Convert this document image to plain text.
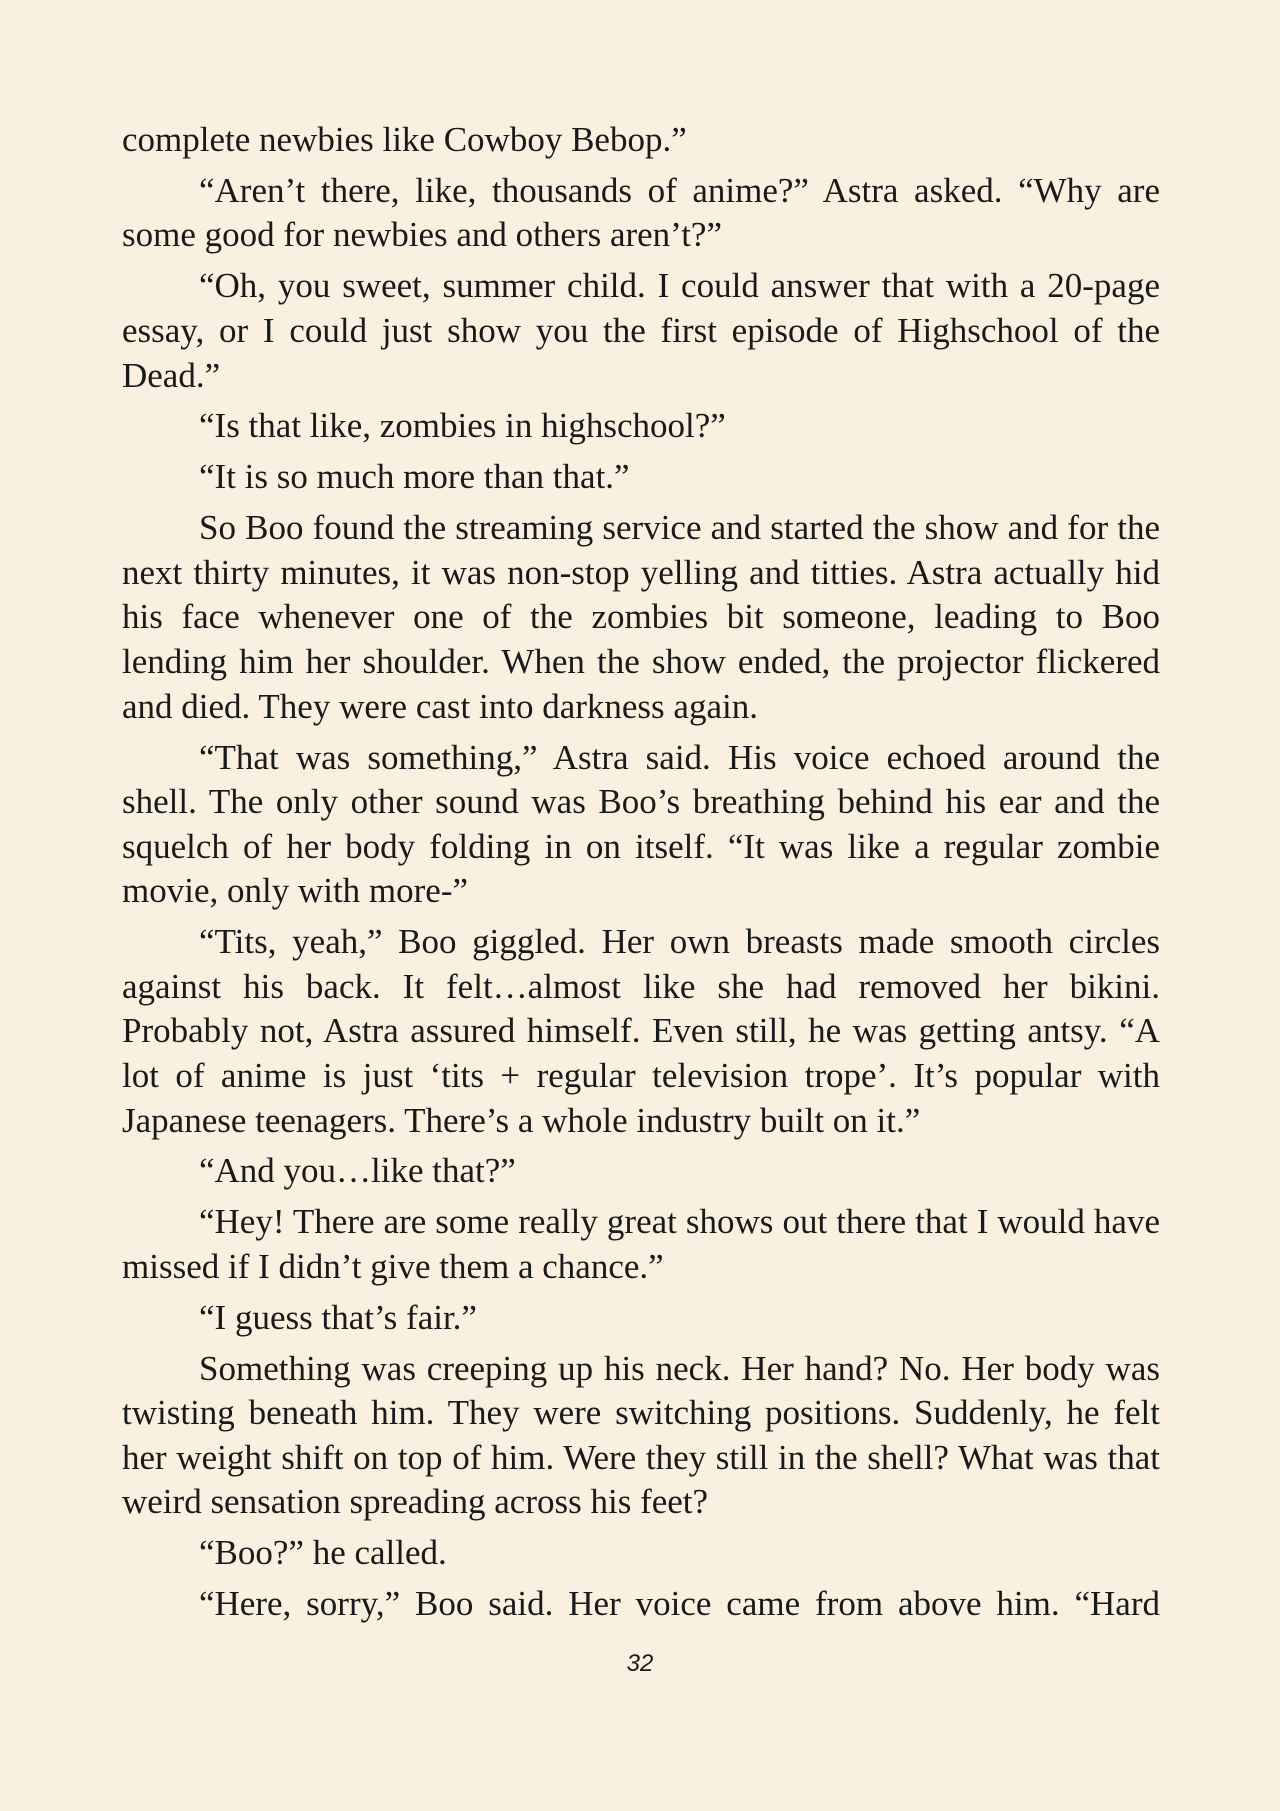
complete newbies like Cowboy Bebop.”

“Aren’t there, like, thousands of anime?” Astra asked. “Why are some good for newbies and others aren’t?”

“Oh, you sweet, summer child. I could answer that with a 20-page essay, or I could just show you the first episode of Highschool of the Dead.”

“Is that like, zombies in highschool?”

“It is so much more than that.”

So Boo found the streaming service and started the show and for the next thirty minutes, it was non-stop yelling and titties. Astra actually hid his face whenever one of the zombies bit someone, leading to Boo lending him her shoulder. When the show ended, the projector flickered and died. They were cast into darkness again.

“That was something,” Astra said. His voice echoed around the shell. The only other sound was Boo’s breathing behind his ear and the squelch of her body folding in on itself. “It was like a regular zombie movie, only with more-”

“Tits, yeah,” Boo giggled. Her own breasts made smooth circles against his back. It felt…almost like she had removed her bikini. Probably not, Astra assured himself. Even still, he was getting antsy. “A lot of anime is just ‘tits + regular television trope’. It’s popular with Japanese teenagers. There’s a whole industry built on it.”

“And you…like that?”

“Hey! There are some really great shows out there that I would have missed if I didn’t give them a chance.”

“I guess that’s fair.”

Something was creeping up his neck. Her hand? No. Her body was twisting beneath him. They were switching positions. Suddenly, he felt her weight shift on top of him. Were they still in the shell? What was that weird sensation spreading across his feet?

“Boo?” he called.

“Here, sorry,” Boo said. Her voice came from above him. “Hard

32
